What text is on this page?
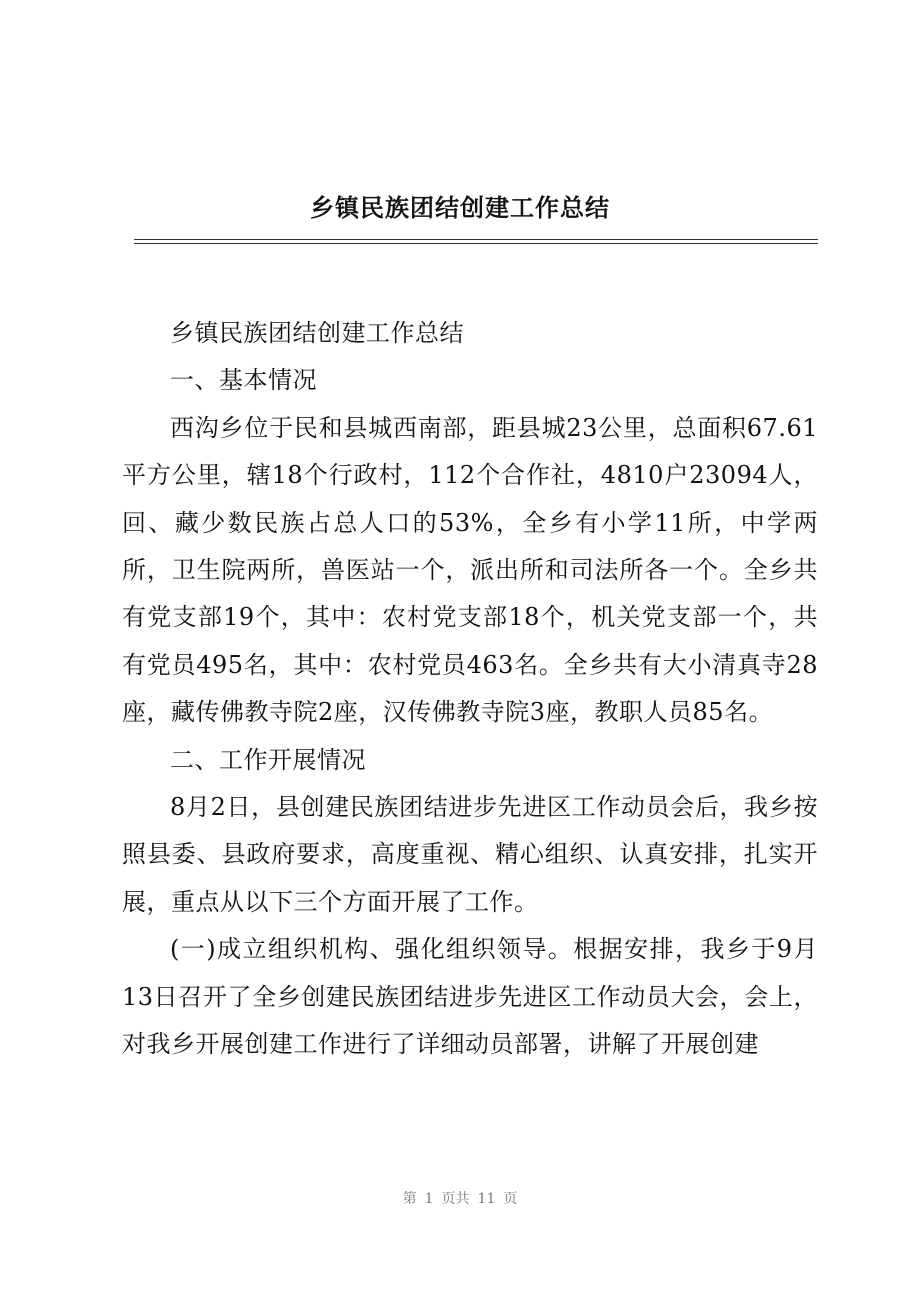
乡镇民族团结创建工作总结

乡镇民族团结创建工作总结

一、基本情况

西沟乡位于民和县城西南部，距县城23公里，总面积67.61平方公里，辖18个行政村，112个合作社，4810户23094人，回、藏少数民族占总人口的53%，全乡有小学11所，中学两所，卫生院两所，兽医站一个，派出所和司法所各一个。全乡共有党支部19个，其中：农村党支部18个，机关党支部一个，共有党员495名，其中：农村党员463名。全乡共有大小清真寺28座，藏传佛教寺院2座，汉传佛教寺院3座，教职人员85名。

二、工作开展情况

8月2日，县创建民族团结进步先进区工作动员会后，我乡按照县委、县政府要求，高度重视、精心组织、认真安排，扎实开展，重点从以下三个方面开展了工作。

(一)成立组织机构、强化组织领导。根据安排，我乡于9月13日召开了全乡创建民族团结进步先进区工作动员大会，会上，对我乡开展创建工作进行了详细动员部署，讲解了开展创建

第 1 页共 11 页
